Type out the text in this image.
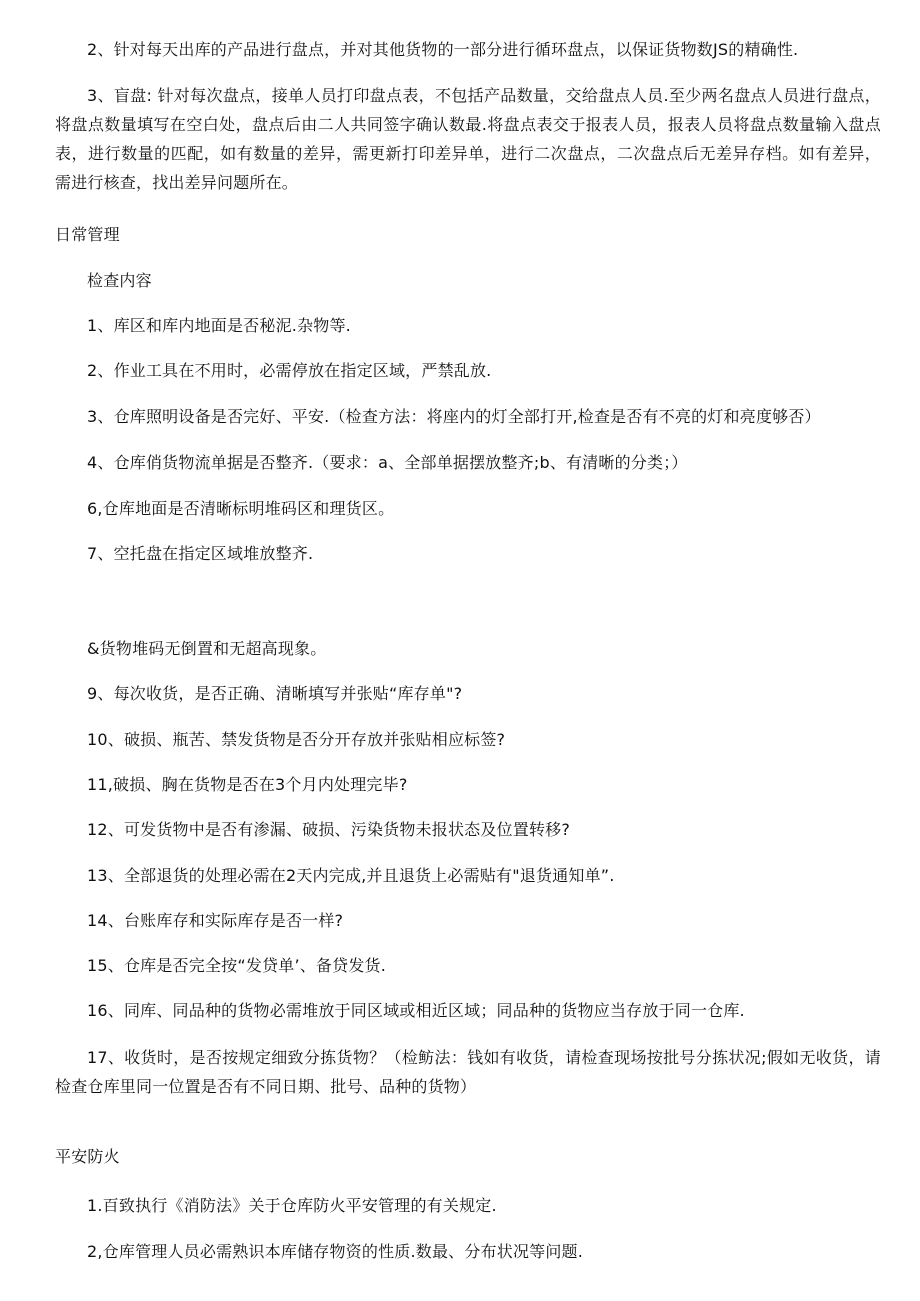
2、针对每天出库的产品进行盘点，并对其他货物的一部分进行循环盘点，以保证货物数JS的精确性.

3、盲盘: 针对每次盘点，接单人员打印盘点表，不包括产品数量，交给盘点人员.至少两名盘点人员进行盘点，将盘点数量填写在空白处，盘点后由二人共同签字确认数最.将盘点表交于报表人员，报表人员将盘点数量输入盘点表，进行数量的匹配，如有数量的差异，需更新打印差异单，进行二次盘点，二次盘点后无差异存档。如有差异，需进行核查，找出差异问题所在。

日常管理

检查内容

1、库区和库内地面是否秘泥.杂物等.

2、作业工具在不用时，必需停放在指定区域，严禁乱放.

3、仓库照明设备是否完好、平安.（检查方法：将座内的灯全部打开,检查是否有不亮的灯和亮度够否）

4、仓库俏货物流单据是否整齐.（要求：a、全部单据摆放整齐;b、有清晰的分类；）

6,仓库地面是否清晰标明堆码区和理货区。

7、空托盘在指定区域堆放整齐.

&货物堆码无倒置和无超高现象。

9、每次收货，是否正确、清晰填写并张贴“库存单"?

10、破损、瓶苦、禁发货物是否分开存放并张贴相应标签?

11,破损、胸在货物是否在3个月内处理完毕?

12、可发货物中是否有渗漏、破损、污染货物未报状态及位置转移?

13、全部退货的处理必需在2天内完成,并且退货上必需贴有"退货通知单”.

14、台账库存和实际库存是否一样?

15、仓库是否完全按“发贷单’、备贷发货.

16、同库、同品种的货物必需堆放于同区域或相近区域；同品种的货物应当存放于同一仓库.

17、收货时，是否按规定细致分拣货物？（检鲂法：钱如有收货，请检查现场按批号分拣状况;假如无收货，请检查仓库里同一位置是否有不同日期、批号、品种的货物）

平安防火

1.百致执行《消防法》关于仓库防火平安管理的有关规定.

2,仓库管理人员必需熟识本库储存物资的性质.数最、分布状况等问题.
